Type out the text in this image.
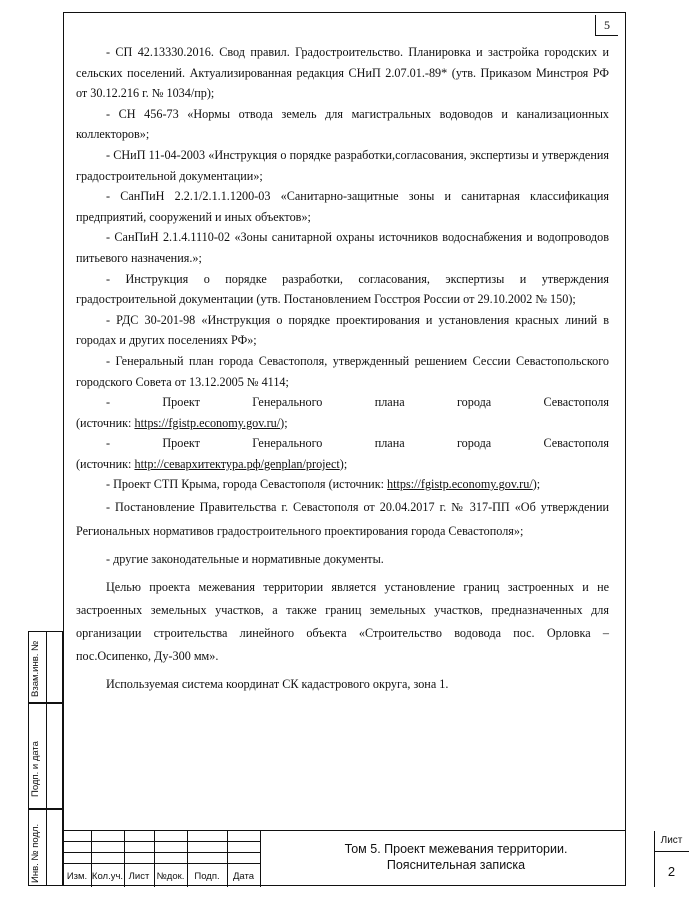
5

- СП 42.13330.2016. Свод правил. Градостроительство. Планировка и застройка городских и сельских поселений. Актуализированная редакция СНиП 2.07.01.-89* (утв. Приказом Минстроя РФ от 30.12.216 г. № 1034/пр);

- СН 456-73 «Нормы отвода земель для магистральных водоводов и канализационных коллекторов»;

- СНиП 11-04-2003 «Инструкция о порядке разработки,согласования, экспертизы и утверждения градостроительной документации»;

- СанПиН 2.2.1/2.1.1.1200-03 «Санитарно-защитные зоны и санитарная классификация предприятий, сооружений и иных объектов»;

- СанПиН 2.1.4.1110-02 «Зоны санитарной охраны источников водоснабжения и водопроводов питьевого назначения.»;

- Инструкция о порядке разработки, согласования, экспертизы и утверждения градостроительной документации (утв. Постановлением Госстроя России от 29.10.2002 № 150);

- РДС 30-201-98 «Инструкция о порядке проектирования и установления красных линий в городах и других поселениях РФ»;

- Генеральный план города Севастополя, утвержденный решением Сессии Севастопольского городского Совета от 13.12.2005 № 4114;

- Проект Генерального плана города Севастополя (источник: https://fgistp.economy.gov.ru/);

- Проект Генерального плана города Севастополя (источник: http://севархитектура.рф/genplan/project);

- Проект СТП Крыма, города Севастополя (источник: https://fgistp.economy.gov.ru/);

- Постановление Правительства г. Севастополя от 20.04.2017 г. № 317-ПП «Об утверждении Региональных нормативов градостроительного проектирования города Севастополя»;

- другие законодательные и нормативные документы.

Целью проекта межевания территории является установление границ застроенных и не застроенных земельных участков, а также границ земельных участков, предназначенных для организации строительства линейного объекта «Строительство водовода пос. Орловка – пос.Осипенко, Ду-300 мм».

Используемая система координат СК кадастрового округа, зона 1.

Взам.инв. №
Подп. и дата
Инв. № подл.	Изм. Кол.уч. Лист №док.	Подп.	Дата
Том 5. Проект межевания территории.
Пояснительная записка
Лист
2
